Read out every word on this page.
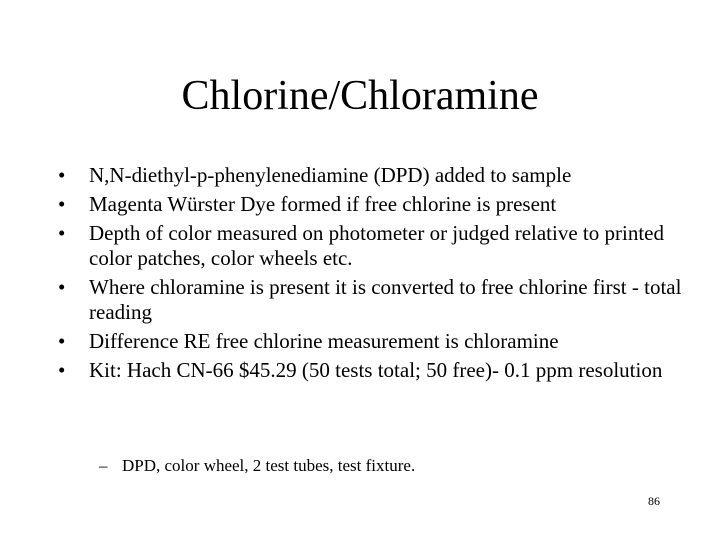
Chlorine/Chloramine
•	N,N-diethyl-p-phenylenediamine (DPD) added to sample
•	Magenta Würster Dye formed if free chlorine is present
•	Depth of color measured on photometer or judged relative to printed color patches, color wheels etc.
•	Where chloramine is present it is converted to free chlorine first - total reading
•	Difference RE free chlorine measurement is chloramine
•	Kit: Hach CN-66 $45.29 (50 tests total; 50 free)- 0.1 ppm resolution
– DPD, color wheel, 2 test tubes, test fixture.
86
